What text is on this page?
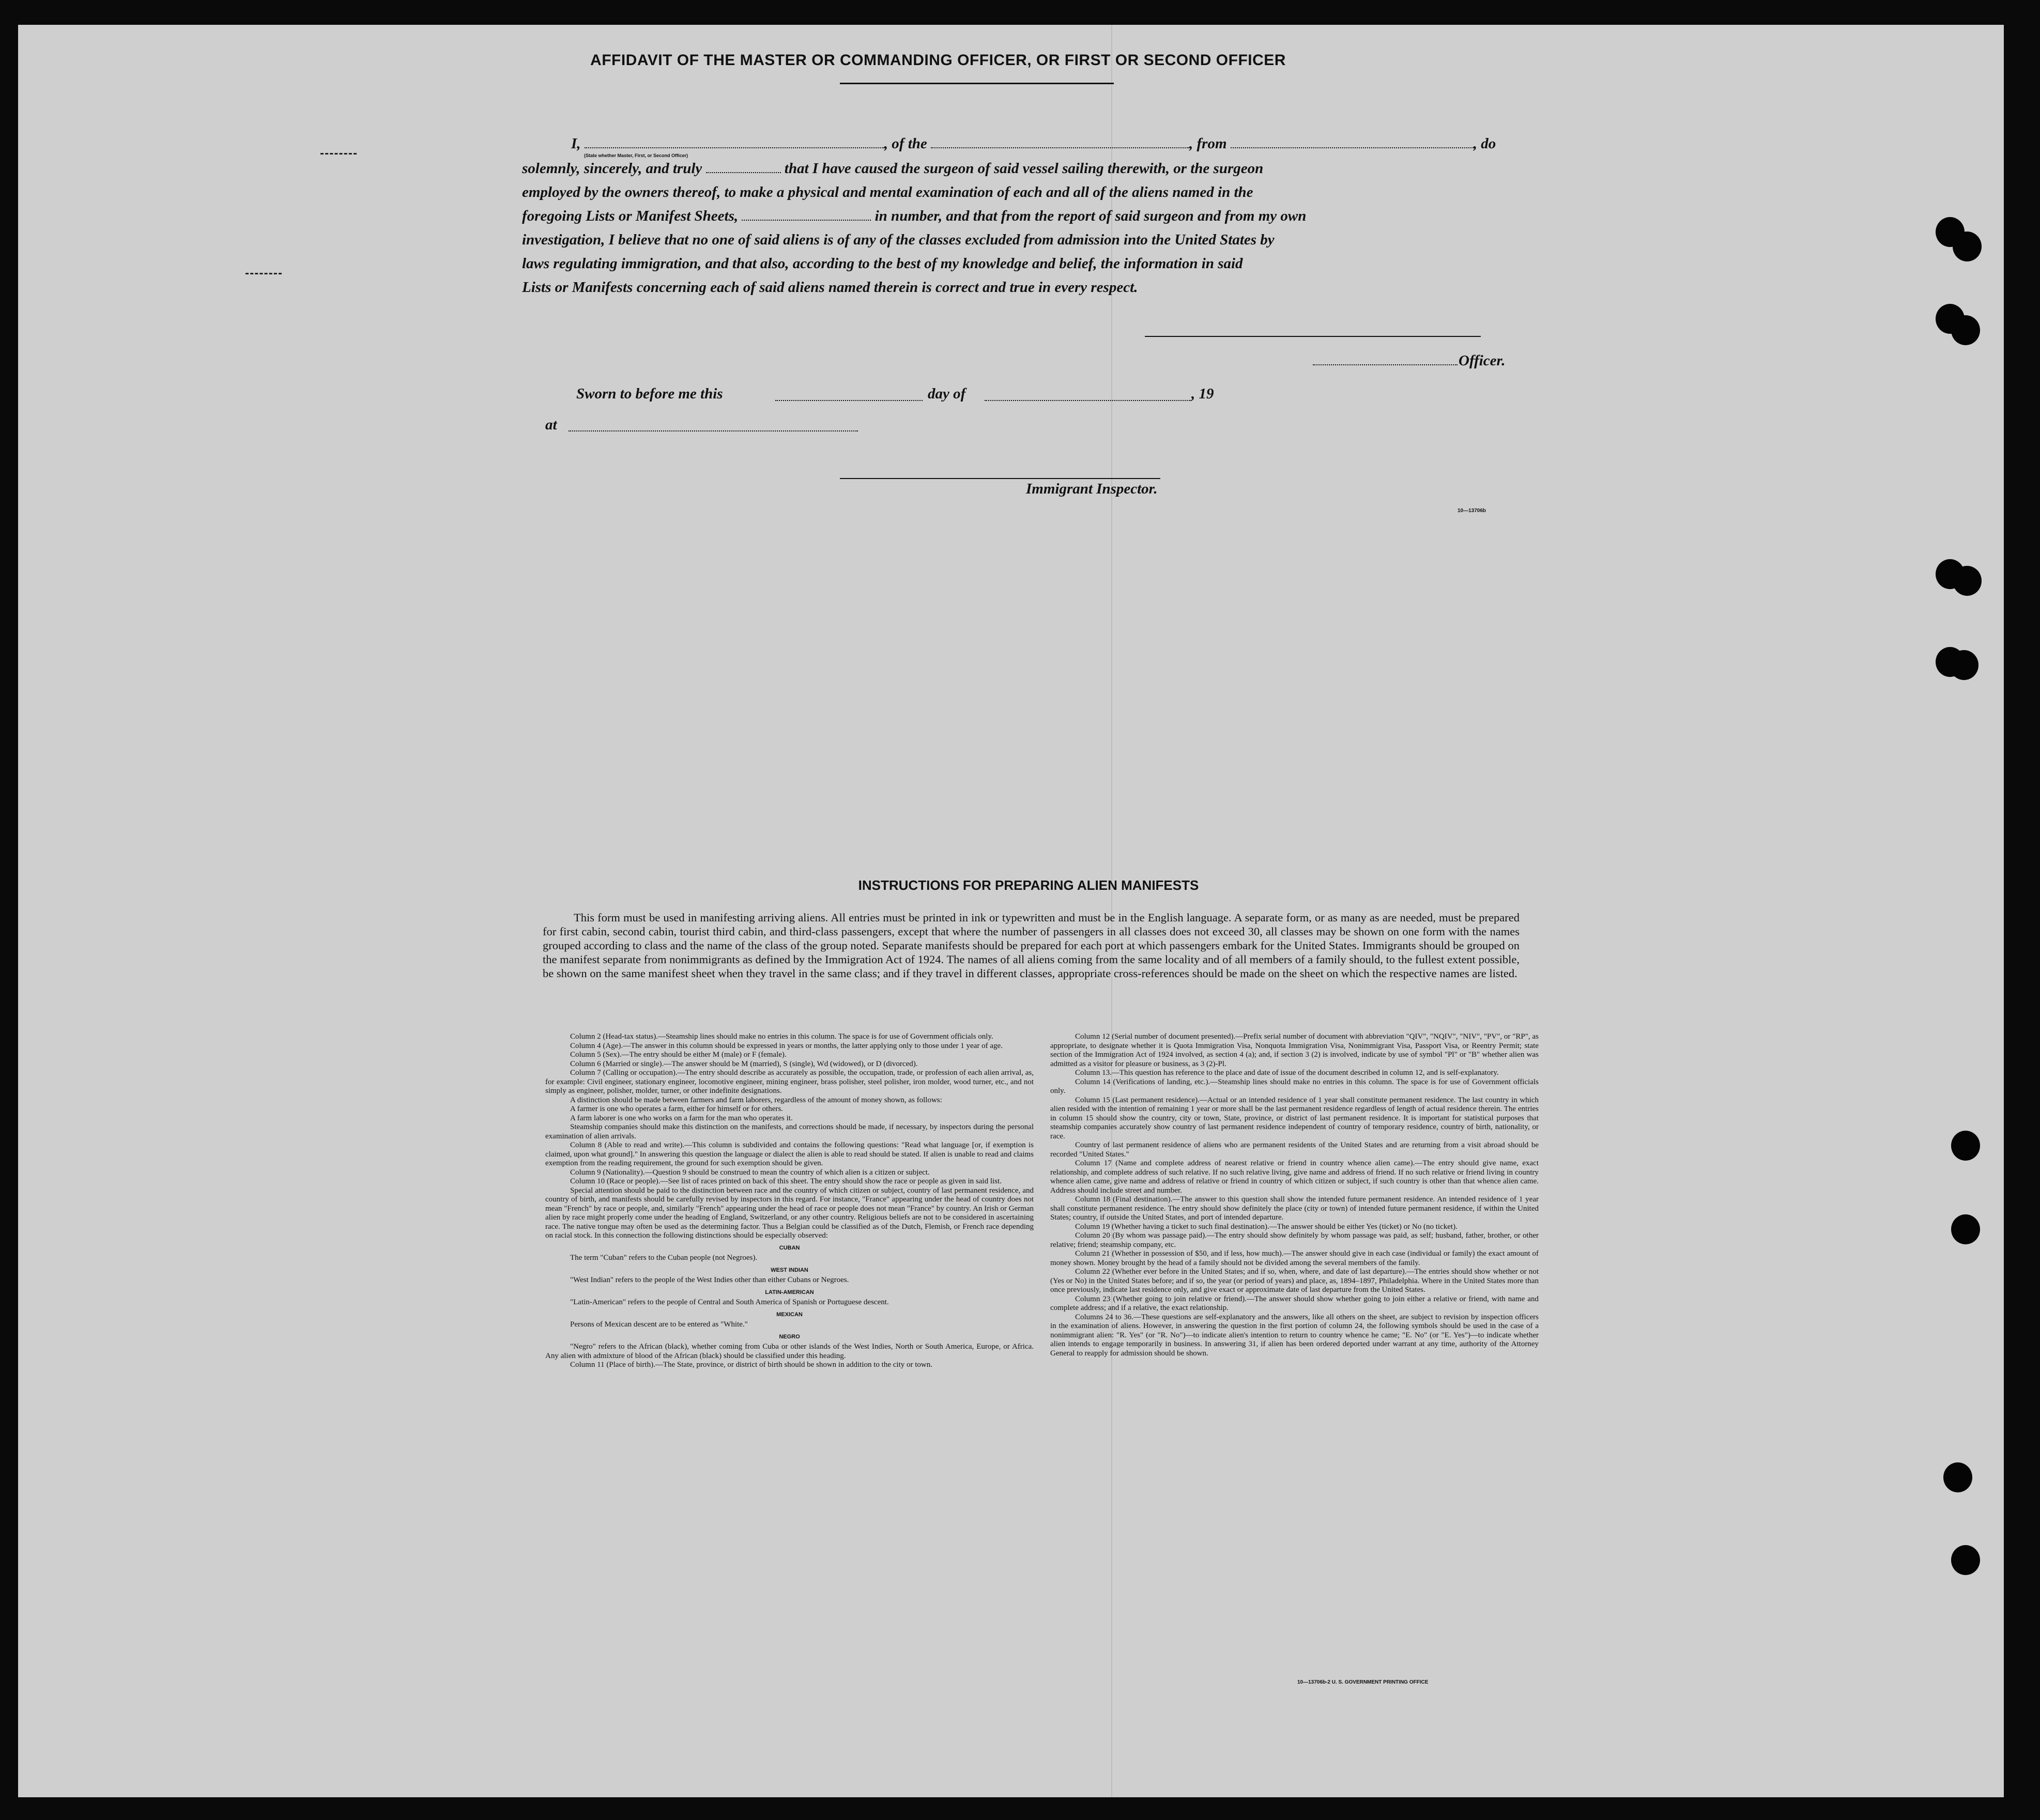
AFFIDAVIT OF THE MASTER OR COMMANDING OFFICER, OR FIRST OR SECOND OFFICER
I,	, of the	, from	, do
(State whether Master, First, or Second Officer)
solemnly, sincerely, and truly	that I have caused the surgeon of said vessel sailing therewith, or the surgeon
employed by the owners thereof, to make a physical and mental examination of each and all of the aliens named in the
foregoing Lists or Manifest Sheets,	in number, and that from the report of said surgeon and from my own
investigation, I believe that no one of said aliens is of any of the classes excluded from admission into the United States by
laws regulating immigration, and that also, according to the best of my knowledge and belief, the information in said
Lists or Manifests concerning each of said aliens named therein is correct and true in every respect.
Officer.
Sworn to before me this	day of	, 19
at
Immigrant Inspector.
10—13706b
INSTRUCTIONS FOR PREPARING ALIEN MANIFESTS
This form must be used in manifesting arriving aliens. All entries must be printed in ink or typewritten and must be in the English language. A separate form, or as many as are needed, must be prepared for first cabin, second cabin, tourist third cabin, and third-class passengers, except that where the number of passengers in all classes does not exceed 30, all classes may be shown on one form with the names grouped according to class and the name of the class of the group noted. Separate manifests should be prepared for each port at which passengers embark for the United States. Immigrants should be grouped on the manifest separate from nonimmigrants as defined by the Immigration Act of 1924. The names of all aliens coming from the same locality and of all members of a family should, to the fullest extent possible, be shown on the same manifest sheet when they travel in the same class; and if they travel in different classes, appropriate cross-references should be made on the sheet on which the respective names are listed.

Column 2 (Head-tax status).—Steamship lines should make no entries in this column. The space is for use of Government officials only.

Column 4 (Age).—The answer in this column should be expressed in years or months, the latter applying only to those under 1 year of age.

Column 5 (Sex).—The entry should be either M (male) or F (female).

Column 6 (Married or single).—The answer should be M (married), S (single), Wd (widowed), or D (divorced).

Column 7 (Calling or occupation).—The entry should describe as accurately as possible, the occupation, trade, or profession of each alien arrival, as, for example: Civil engineer, stationary engineer, locomotive engineer, mining engineer, brass polisher, steel polisher, iron molder, wood turner, etc., and not simply as engineer, polisher, molder, turner, or other indefinite designations.

A distinction should be made between farmers and farm laborers, regardless of the amount of money shown, as follows:

A farmer is one who operates a farm, either for himself or for others.

A farm laborer is one who works on a farm for the man who operates it.

Steamship companies should make this distinction on the manifests, and corrections should be made, if necessary, by inspectors during the personal examination of alien arrivals.

Column 8 (Able to read and write).—This column is subdivided and contains the following questions: "Read what language [or, if exemption is claimed, upon what ground]." In answering this question the language or dialect the alien is able to read should be stated. If alien is unable to read and claims exemption from the reading requirement, the ground for such exemption should be given.

Column 9 (Nationality).—Question 9 should be construed to mean the country of which alien is a citizen or subject.

Column 10 (Race or people).—See list of races printed on back of this sheet. The entry should show the race or people as given in said list.

Special attention should be paid to the distinction between race and the country of which citizen or subject, country of last permanent residence, and country of birth, and manifests should be carefully revised by inspectors in this regard. For instance, "France" appearing under the head of country does not mean "French" by race or people, and, similarly "French" appearing under the head of race or people does not mean "France" by country. An Irish or German alien by race might properly come under the heading of England, Switzerland, or any other country. Religious beliefs are not to be considered in ascertaining race. The native tongue may often be used as the determining factor. Thus a Belgian could be classified as of the Dutch, Flemish, or French race depending on racial stock. In this connection the following distinctions should be especially observed:

CUBAN

The term "Cuban" refers to the Cuban people (not Negroes).

WEST INDIAN

"West Indian" refers to the people of the West Indies other than either Cubans or Negroes.

LATIN-AMERICAN

"Latin-American" refers to the people of Central and South America of Spanish or Portuguese descent.

MEXICAN

Persons of Mexican descent are to be entered as "White."

NEGRO

"Negro" refers to the African (black), whether coming from Cuba or other islands of the West Indies, North or South America, Europe, or Africa. Any alien with admixture of blood of the African (black) should be classified under this heading.

Column 11 (Place of birth).—The State, province, or district of birth should be shown in addition to the city or town.

Column 12 (Serial number of document presented).—Prefix serial number of document with abbreviation "QIV", "NQIV", "NIV", "PV", or "RP", as appropriate, to designate whether it is Quota Immigration Visa, Nonquota Immigration Visa, Nonimmigrant Visa, Passport Visa, or Reentry Permit; state section of the Immigration Act of 1924 involved, as section 4 (a); and, if section 3 (2) is involved, indicate by use of symbol "Pl" or "B" whether alien was admitted as a visitor for pleasure or business, as 3 (2)-Pl.

Column 13.—This question has reference to the place and date of issue of the document described in column 12, and is self-explanatory.

Column 14 (Verifications of landing, etc.).—Steamship lines should make no entries in this column. The space is for use of Government officials only.

Column 15 (Last permanent residence).—Actual or an intended residence of 1 year shall constitute permanent residence. The last country in which alien resided with the intention of remaining 1 year or more shall be the last permanent residence regardless of length of actual residence therein. The entries in column 15 should show the country, city or town, State, province, or district of last permanent residence. It is important for statistical purposes that steamship companies accurately show country of last permanent residence independent of country of temporary residence, country of birth, nationality, or race.

Country of last permanent residence of aliens who are permanent residents of the United States and are returning from a visit abroad should be recorded "United States."

Column 17 (Name and complete address of nearest relative or friend in country whence alien came).—The entry should give name, exact relationship, and complete address of such relative. If no such relative living, give name and address of friend. If no such relative or friend living in country whence alien came, give name and address of relative or friend in country of which citizen or subject, if such country is other than that whence alien came. Address should include street and number.

Column 18 (Final destination).—The answer to this question shall show the intended future permanent residence. An intended residence of 1 year shall constitute permanent residence. The entry should show definitely the place (city or town) of intended future permanent residence, if within the United States; country, if outside the United States, and port of intended departure.

Column 19 (Whether having a ticket to such final destination).—The answer should be either Yes (ticket) or No (no ticket).

Column 20 (By whom was passage paid).—The entry should show definitely by whom passage was paid, as self; husband, father, brother, or other relative; friend; steamship company, etc.

Column 21 (Whether in possession of $50, and if less, how much).—The answer should give in each case (individual or family) the exact amount of money shown. Money brought by the head of a family should not be divided among the several members of the family.

Column 22 (Whether ever before in the United States; and if so, when, where, and date of last departure).—The entries should show whether or not (Yes or No) in the United States before; and if so, the year (or period of years) and place, as, 1894–1897, Philadelphia. Where in the United States more than once previously, indicate last residence only, and give exact or approximate date of last departure from the United States.

Column 23 (Whether going to join relative or friend).—The answer should show whether going to join either a relative or friend, with name and complete address; and if a relative, the exact relationship.

Columns 24 to 36.—These questions are self-explanatory and the answers, like all others on the sheet, are subject to revision by inspection officers in the examination of aliens. However, in answering the question in the first portion of column 24, the following symbols should be used in the case of a nonimmigrant alien: "R. Yes" (or "R. No")—to indicate alien's intention to return to country whence he came; "E. No" (or "E. Yes")—to indicate whether alien intends to engage temporarily in business. In answering 31, if alien has been ordered deported under warrant at any time, authority of the Attorney General to reapply for admission should be shown.

10—13706b-2 U. S. GOVERNMENT PRINTING OFFICE
